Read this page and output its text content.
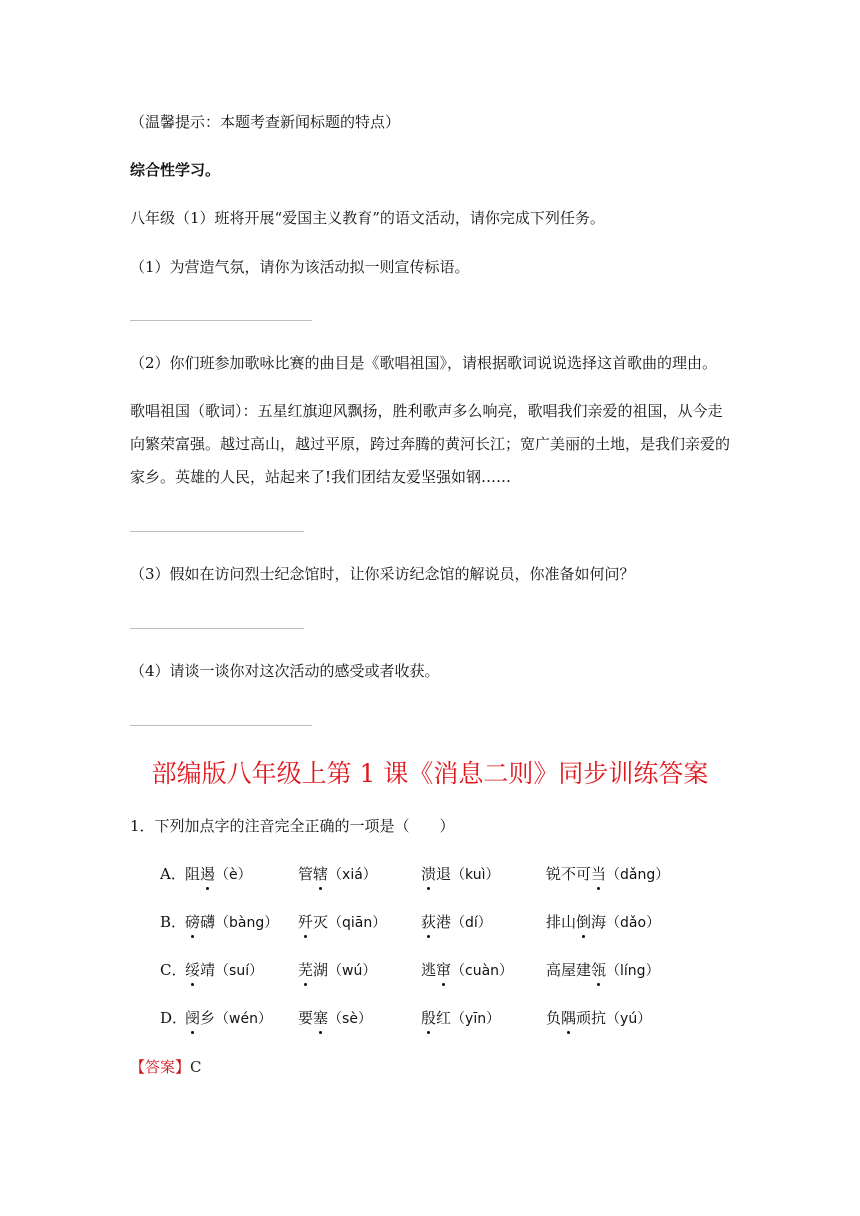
（温馨提示：本题考查新闻标题的特点）
综合性学习。
八年级（1）班将开展“爱国主义教育”的语文活动，请你完成下列任务。
（1）为营造气氛，请你为该活动拟一则宣传标语。
（2）你们班参加歌咏比赛的曲目是《歌唱祖国》，请根据歌词说说选择这首歌曲的理由。
歌唱祖国（歌词）：五星红旗迎风飘扬，胜利歌声多么响亮，歌唱我们亲爱的祖国，从今走
向繁荣富强。越过高山，越过平原，跨过奔腾的黄河长江；宽广美丽的土地，是我们亲爱的
家乡。英雄的人民，站起来了!我们团结友爱坚强如钢……
（3）假如在访问烈士纪念馆时，让你采访纪念馆的解说员，你准备如何问？
（4）请谈一谈你对这次活动的感受或者收获。
部编版八年级上第 1 课《消息二则》同步训练答案
1．下列加点字的注音完全正确的一项是（　　）
A． 阻遏（è）	管辖（xiá）	溃退（kuì）	锐不可当（dǎng）
B．
磅礴（bàng） 歼灭（qiān） 荻港（dí）	排山倒海（dǎo）
C．
绥靖（suí） 芜湖（wú）	逃窜（cuàn） 高屋建瓴（líng）
D．
阌乡（wén） 要塞（sè）	殷红（yīn）	负隅顽抗（yú）
【答案】C
